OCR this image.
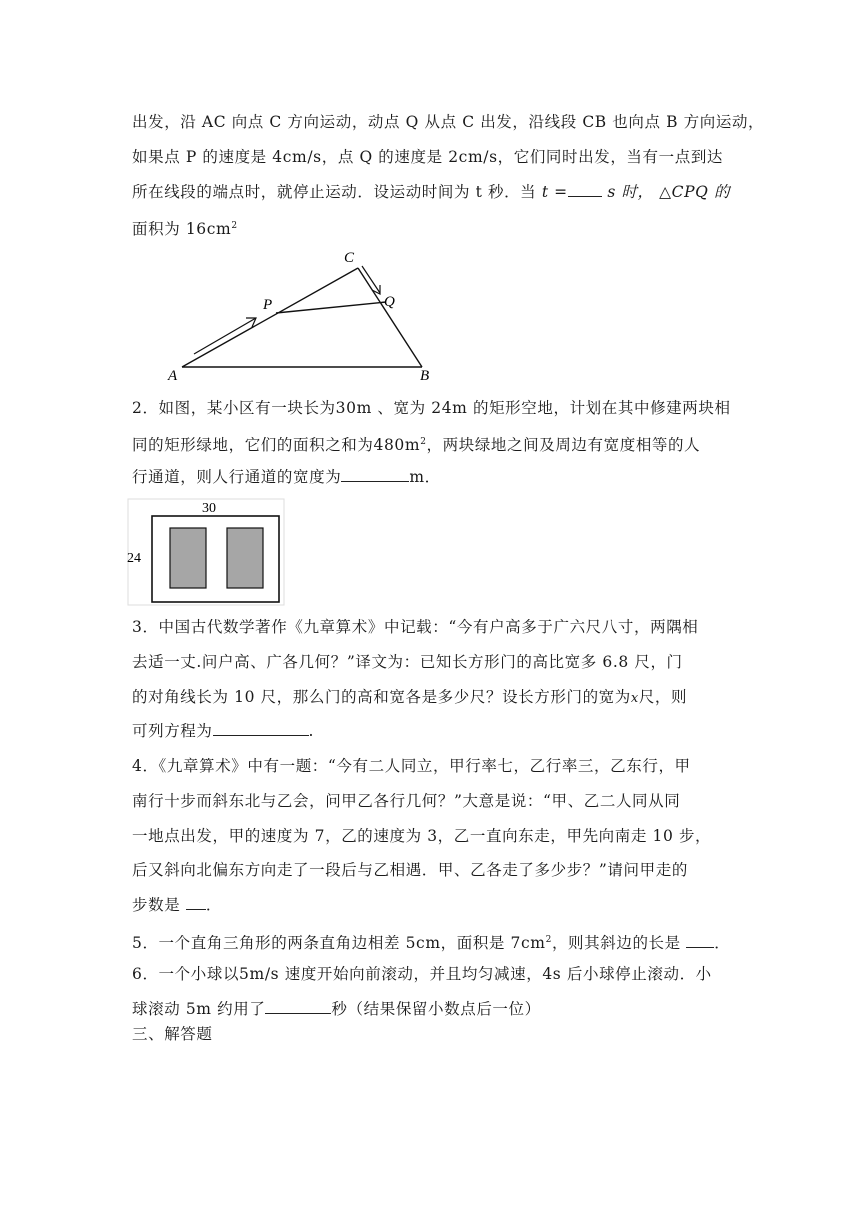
出发，沿 AC 向点 C 方向运动，动点 Q 从点 C 出发，沿线段 CB 也向点 B 方向运动，
如果点 P 的速度是 4cm/s，点 Q 的速度是 2cm/s，它们同时出发，当有一点到达
所在线段的端点时，就停止运动．设运动时间为 t 秒．当 t =	s 时， △CPQ 的
面积为 $16cm^2$
A	B
C
P	Q
2．如图，某小区有一块长为30m 、宽为 24m 的矩形空地，计划在其中修建两块相
同的矩形绿地，它们的面积之和为$480m^2$，两块绿地之间及周边有宽度相等的人
行通道，则人行通道的宽度为	m．
30
24
3．中国古代数学著作《九章算术》中记载：“今有户高多于广六尺八寸，两隅相
去适一丈.问户高、广各几何？”译文为：已知长方形门的高比宽多 6.8 尺，门
的对角线长为 10 尺，那么门的高和宽各是多少尺？设长方形门的宽为x尺，则
可列方程为	.
4．《九章算术》中有一题：“今有二人同立，甲行率七，乙行率三，乙东行，甲
南行十步而斜东北与乙会，问甲乙各行几何？”大意是说：“甲、乙二人同从同
一地点出发，甲的速度为 7，乙的速度为 3，乙一直向东走，甲先向南走 10 步，
后又斜向北偏东方向走了一段后与乙相遇．甲、乙各走了多少步？”请问甲走的
步数是 ．
5．一个直角三角形的两条直角边相差 5cm，面积是 $7cm^2$，则其斜边的长是 ．
6．一个小球以5m/s 速度开始向前滚动，并且均匀减速，4s 后小球停止滚动．小
球滚动 5m 约用了	秒（结果保留小数点后一位）
三、解答题
